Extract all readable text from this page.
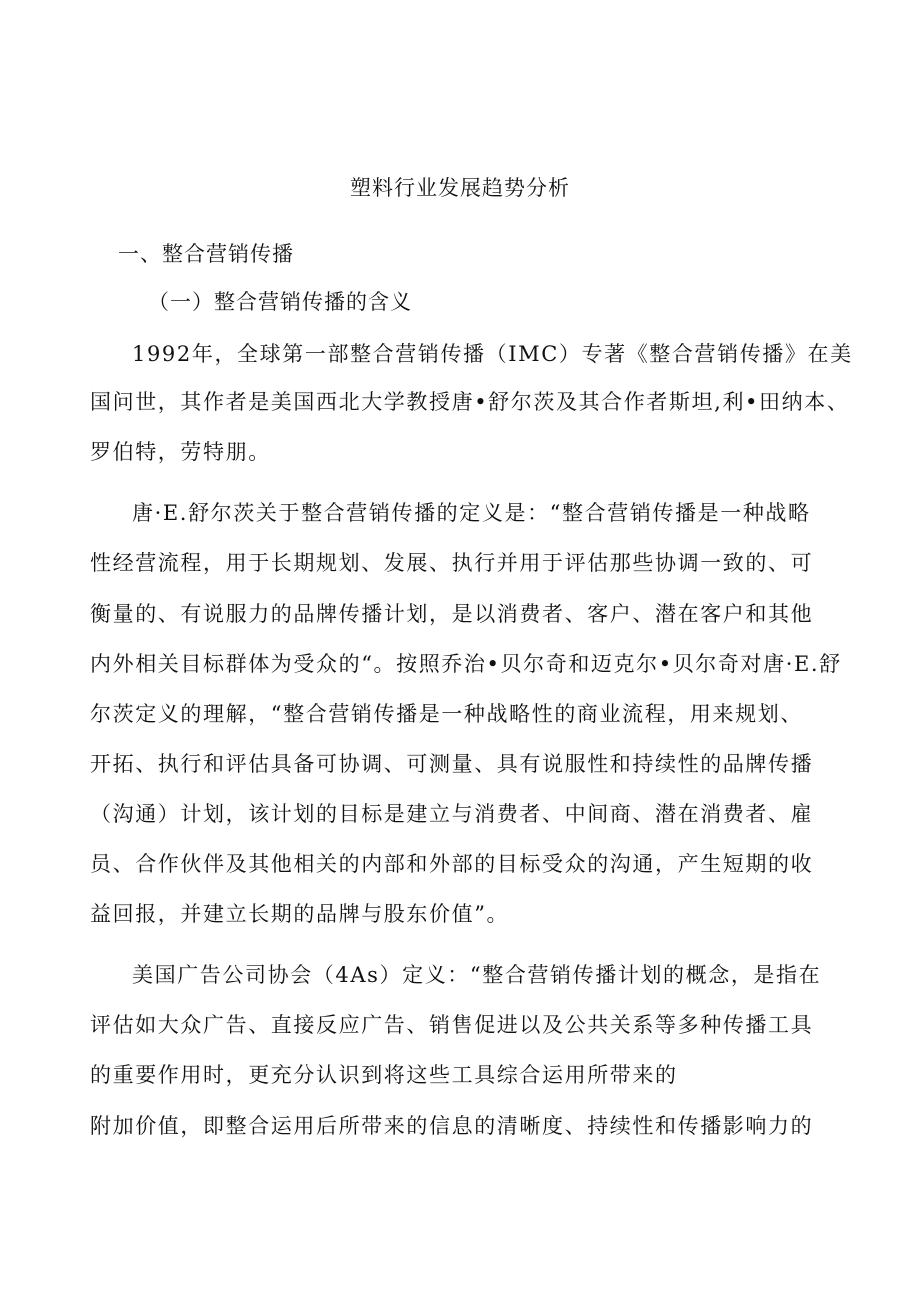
塑料行业发展趋势分析
一、整合营销传播
（一）整合营销传播的含义
1992年，全球第一部整合营销传播（IMC）专著《整合营销传播》在美
国问世，其作者是美国西北大学教授唐•舒尔茨及其合作者斯坦,利•田纳本、
罗伯特，劳特朋。
唐·E.舒尔茨关于整合营销传播的定义是：“整合营销传播是一种战略
性经营流程，用于长期规划、发展、执行并用于评估那些协调一致的、可
衡量的、有说服力的品牌传播计划，是以消费者、客户、潜在客户和其他
内外相关目标群体为受众的“。按照乔治•贝尔奇和迈克尔•贝尔奇对唐·E.舒
尔茨定义的理解，“整合营销传播是一种战略性的商业流程，用来规划、
开拓、执行和评估具备可协调、可测量、具有说服性和持续性的品牌传播
（沟通）计划，该计划的目标是建立与消费者、中间商、潜在消费者、雇
员、合作伙伴及其他相关的内部和外部的目标受众的沟通，产生短期的收
益回报，并建立长期的品牌与股东价值”。
美国广告公司协会（4As）定义：“整合营销传播计划的概念，是指在
评估如大众广告、直接反应广告、销售促进以及公共关系等多种传播工具
的重要作用时，更充分认识到将这些工具综合运用所带来的
附加价值，即整合运用后所带来的信息的清晰度、持续性和传播影响力的
